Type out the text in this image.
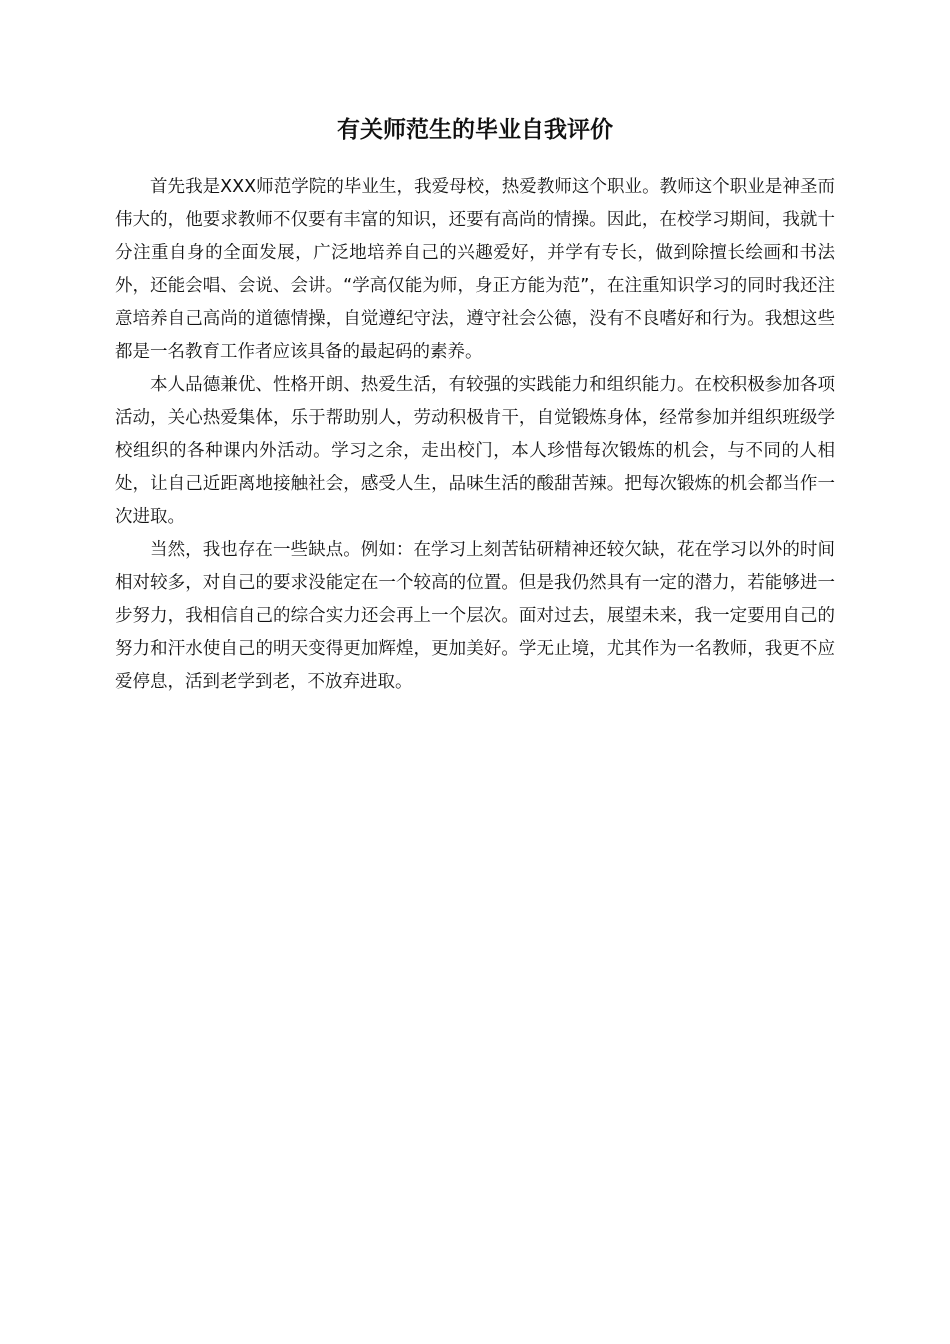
有关师范生的毕业自我评价

首先我是XXX师范学院的毕业生，我爱母校，热爱教师这个职业。教师这个职业是神圣而伟大的，他要求教师不仅要有丰富的知识，还要有高尚的情操。因此，在校学习期间，我就十分注重自身的全面发展，广泛地培养自己的兴趣爱好，并学有专长，做到除擅长绘画和书法外，还能会唱、会说、会讲。“学高仅能为师，身正方能为范”，在注重知识学习的同时我还注意培养自己高尚的道德情操，自觉遵纪守法，遵守社会公德，没有不良嗜好和行为。我想这些都是一名教育工作者应该具备的最起码的素养。

本人品德兼优、性格开朗、热爱生活，有较强的实践能力和组织能力。在校积极参加各项活动，关心热爱集体，乐于帮助别人，劳动积极肯干，自觉锻炼身体，经常参加并组织班级学校组织的各种课内外活动。学习之余，走出校门，本人珍惜每次锻炼的机会，与不同的人相处，让自己近距离地接触社会，感受人生，品味生活的酸甜苦辣。把每次锻炼的机会都当作一次进取。

当然，我也存在一些缺点。例如：在学习上刻苦钻研精神还较欠缺，花在学习以外的时间相对较多，对自己的要求没能定在一个较高的位置。但是我仍然具有一定的潜力，若能够进一步努力，我相信自己的综合实力还会再上一个层次。面对过去，展望未来，我一定要用自己的努力和汗水使自己的明天变得更加辉煌，更加美好。学无止境，尤其作为一名教师，我更不应爱停息，活到老学到老，不放弃进取。
